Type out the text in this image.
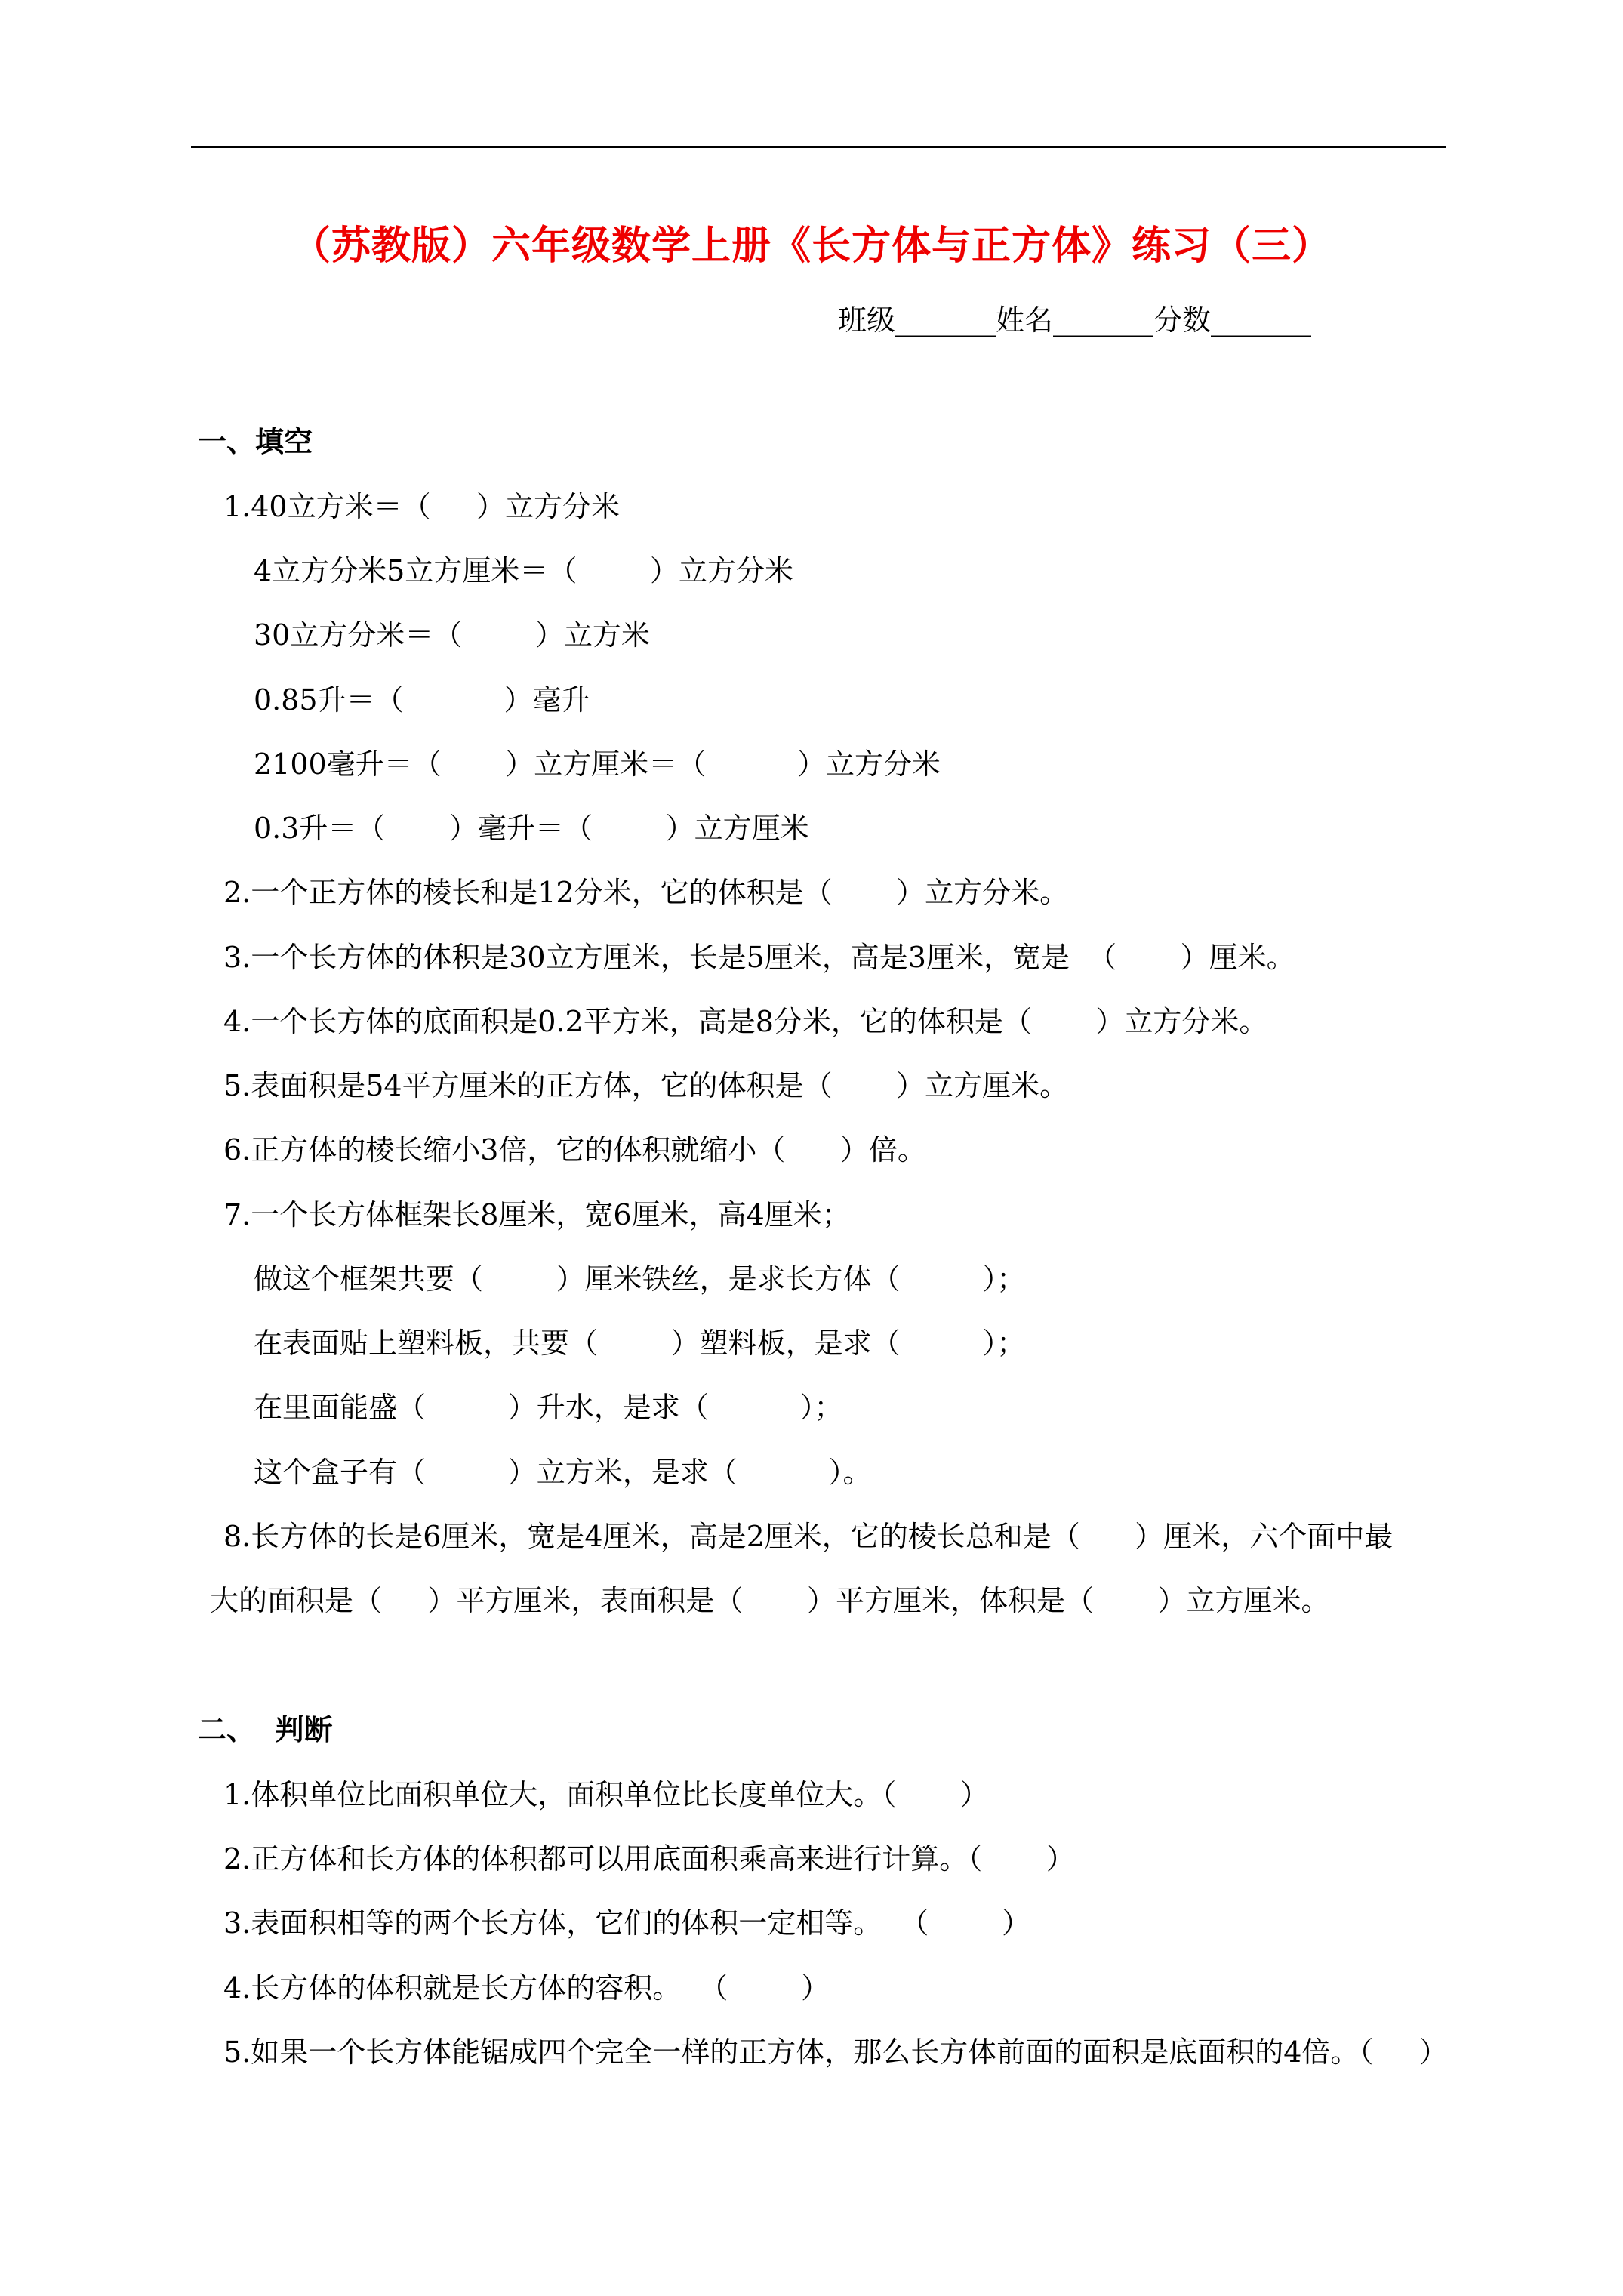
（苏教版）六年级数学上册《长方体与正方体》练习（三）
班级_______姓名_______分数_______
一、填空
1.40立方米＝（     ）立方分米
4立方分米5立方厘米＝（        ）立方分米
30立方分米＝（        ）立方米
0.85升＝（           ）毫升
2100毫升＝（       ）立方厘米＝（          ）立方分米
0.3升＝（       ）毫升＝（        ）立方厘米
2.一个正方体的棱长和是12分米，它的体积是（       ）立方分米。
3.一个长方体的体积是30立方厘米，长是5厘米，高是3厘米，宽是  （       ）厘米。
4.一个长方体的底面积是0.2平方米，高是8分米，它的体积是（       ）立方分米。
5.表面积是54平方厘米的正方体，它的体积是（       ）立方厘米。
6.正方体的棱长缩小3倍，它的体积就缩小（      ）倍。
7.一个长方体框架长8厘米，宽6厘米，高4厘米；
做这个框架共要（        ）厘米铁丝，是求长方体（         ）；
在表面贴上塑料板，共要（        ）塑料板，是求（         ）；
在里面能盛（         ）升水，是求（          ）；
这个盒子有（         ）立方米，是求（          ）。
8.长方体的长是6厘米，宽是4厘米，高是2厘米，它的棱长总和是（      ）厘米，六个面中最
大的面积是（     ）平方厘米，表面积是（       ）平方厘米，体积是（       ）立方厘米。
二、  判断
1.体积单位比面积单位大，面积单位比长度单位大。（       ）
2.正方体和长方体的体积都可以用底面积乘高来进行计算。（       ）
3.表面积相等的两个长方体，它们的体积一定相等。  （        ）
4.长方体的体积就是长方体的容积。  （        ）
5.如果一个长方体能锯成四个完全一样的正方体，那么长方体前面的面积是底面积的4倍。（     ）
